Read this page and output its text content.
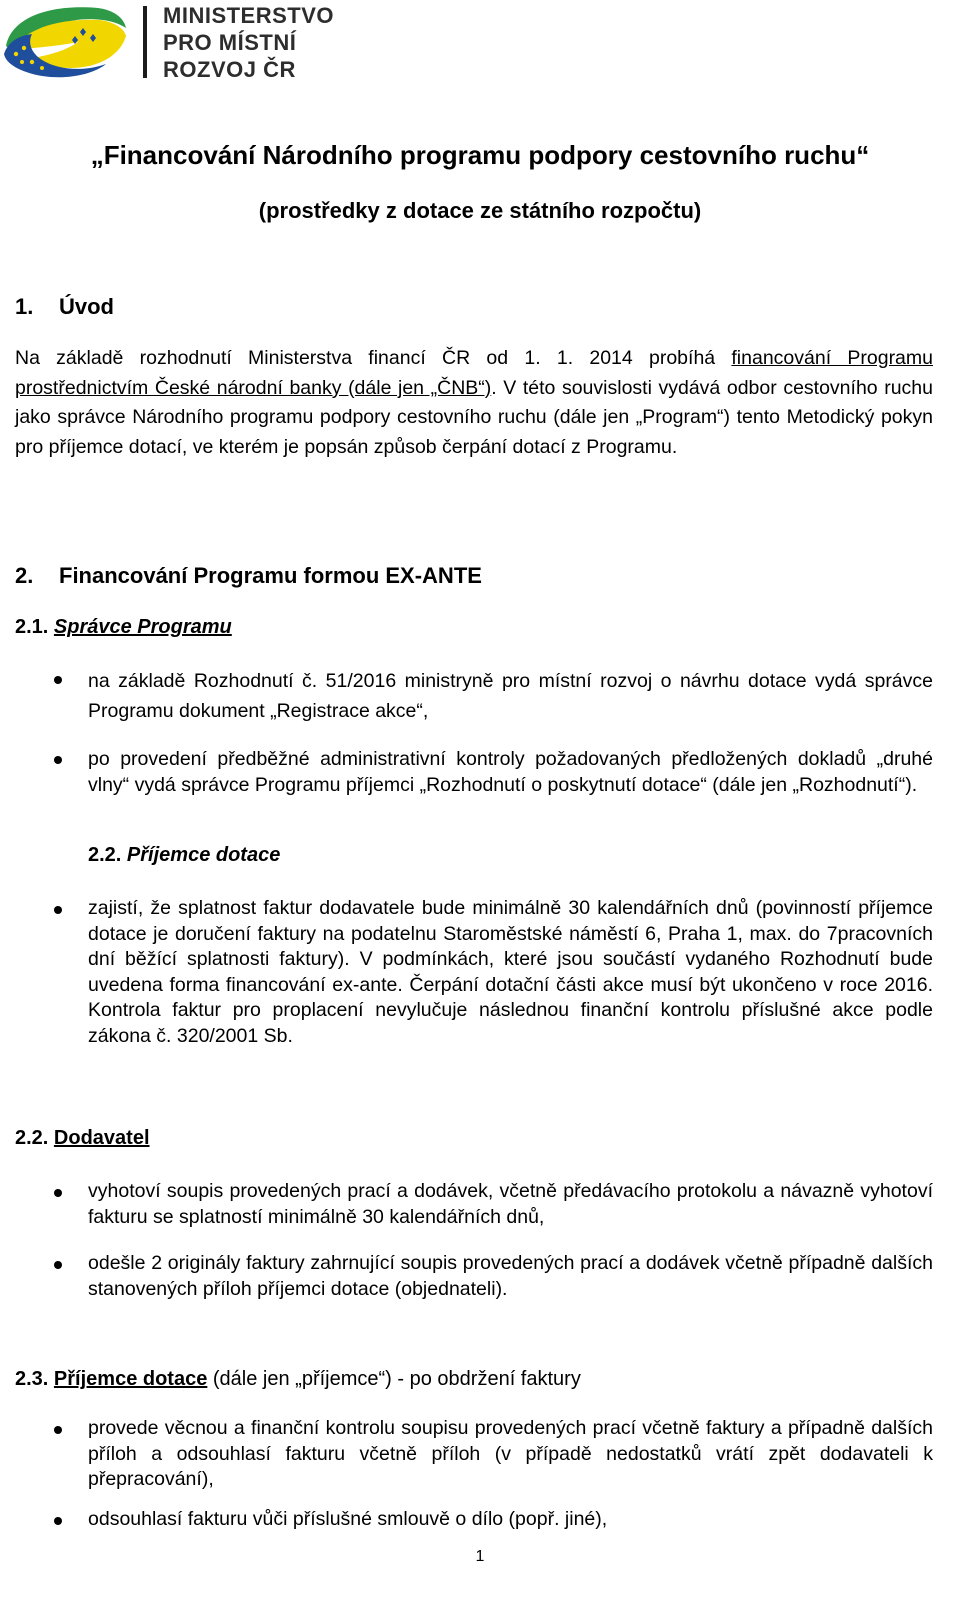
MINISTERSTVO
PRO MÍSTNÍ
ROZVOJ ČR
„Financování Národního programu podpory cestovního ruchu“
(prostředky z dotace ze státního rozpočtu)
1. Úvod
Na základě rozhodnutí Ministerstva financí ČR od 1. 1. 2014 probíhá financování Programu prostřednictvím České národní banky (dále jen „ČNB“). V této souvislosti vydává odbor cestovního ruchu jako správce Národního programu podpory cestovního ruchu (dále jen „Program“) tento Metodický pokyn pro příjemce dotací, ve kterém je popsán způsob čerpání dotací z Programu.
2. Financování Programu formou EX-ANTE
2.1. Správce Programu
na základě Rozhodnutí č. 51/2016 ministryně pro místní rozvoj o návrhu dotace vydá správce Programu dokument „Registrace akce“,
po provedení předběžné administrativní kontroly požadovaných předložených dokladů „druhé vlny“ vydá správce Programu příjemci „Rozhodnutí o poskytnutí dotace“ (dále jen „Rozhodnutí“).
2.2. Příjemce dotace
zajistí, že splatnost faktur dodavatele bude minimálně 30 kalendářních dnů (povinností příjemce dotace je doručení faktury na podatelnu Staroměstské náměstí 6, Praha 1, max. do 7pracovních dní běžící splatnosti faktury). V podmínkách, které jsou součástí vydaného Rozhodnutí bude uvedena forma financování ex-ante. Čerpání dotační části akce musí být ukončeno v roce 2016. Kontrola faktur pro proplacení nevylučuje následnou finanční kontrolu příslušné akce podle zákona č. 320/2001 Sb.
2.2. Dodavatel
vyhotoví soupis provedených prací a dodávek, včetně předávacího protokolu a návazně vyhotoví fakturu se splatností minimálně 30 kalendářních dnů,
odešle 2 originály faktury zahrnující soupis provedených prací a dodávek včetně případně dalších stanovených příloh příjemci dotace (objednateli).
2.3. Příjemce dotace (dále jen „příjemce“) - po obdržení faktury
provede věcnou a finanční kontrolu soupisu provedených prací včetně faktury a případně dalších příloh a odsouhlasí fakturu včetně příloh (v případě nedostatků vrátí zpět dodavateli k přepracování),
odsouhlasí fakturu vůči příslušné smlouvě o dílo (popř. jiné),
1
